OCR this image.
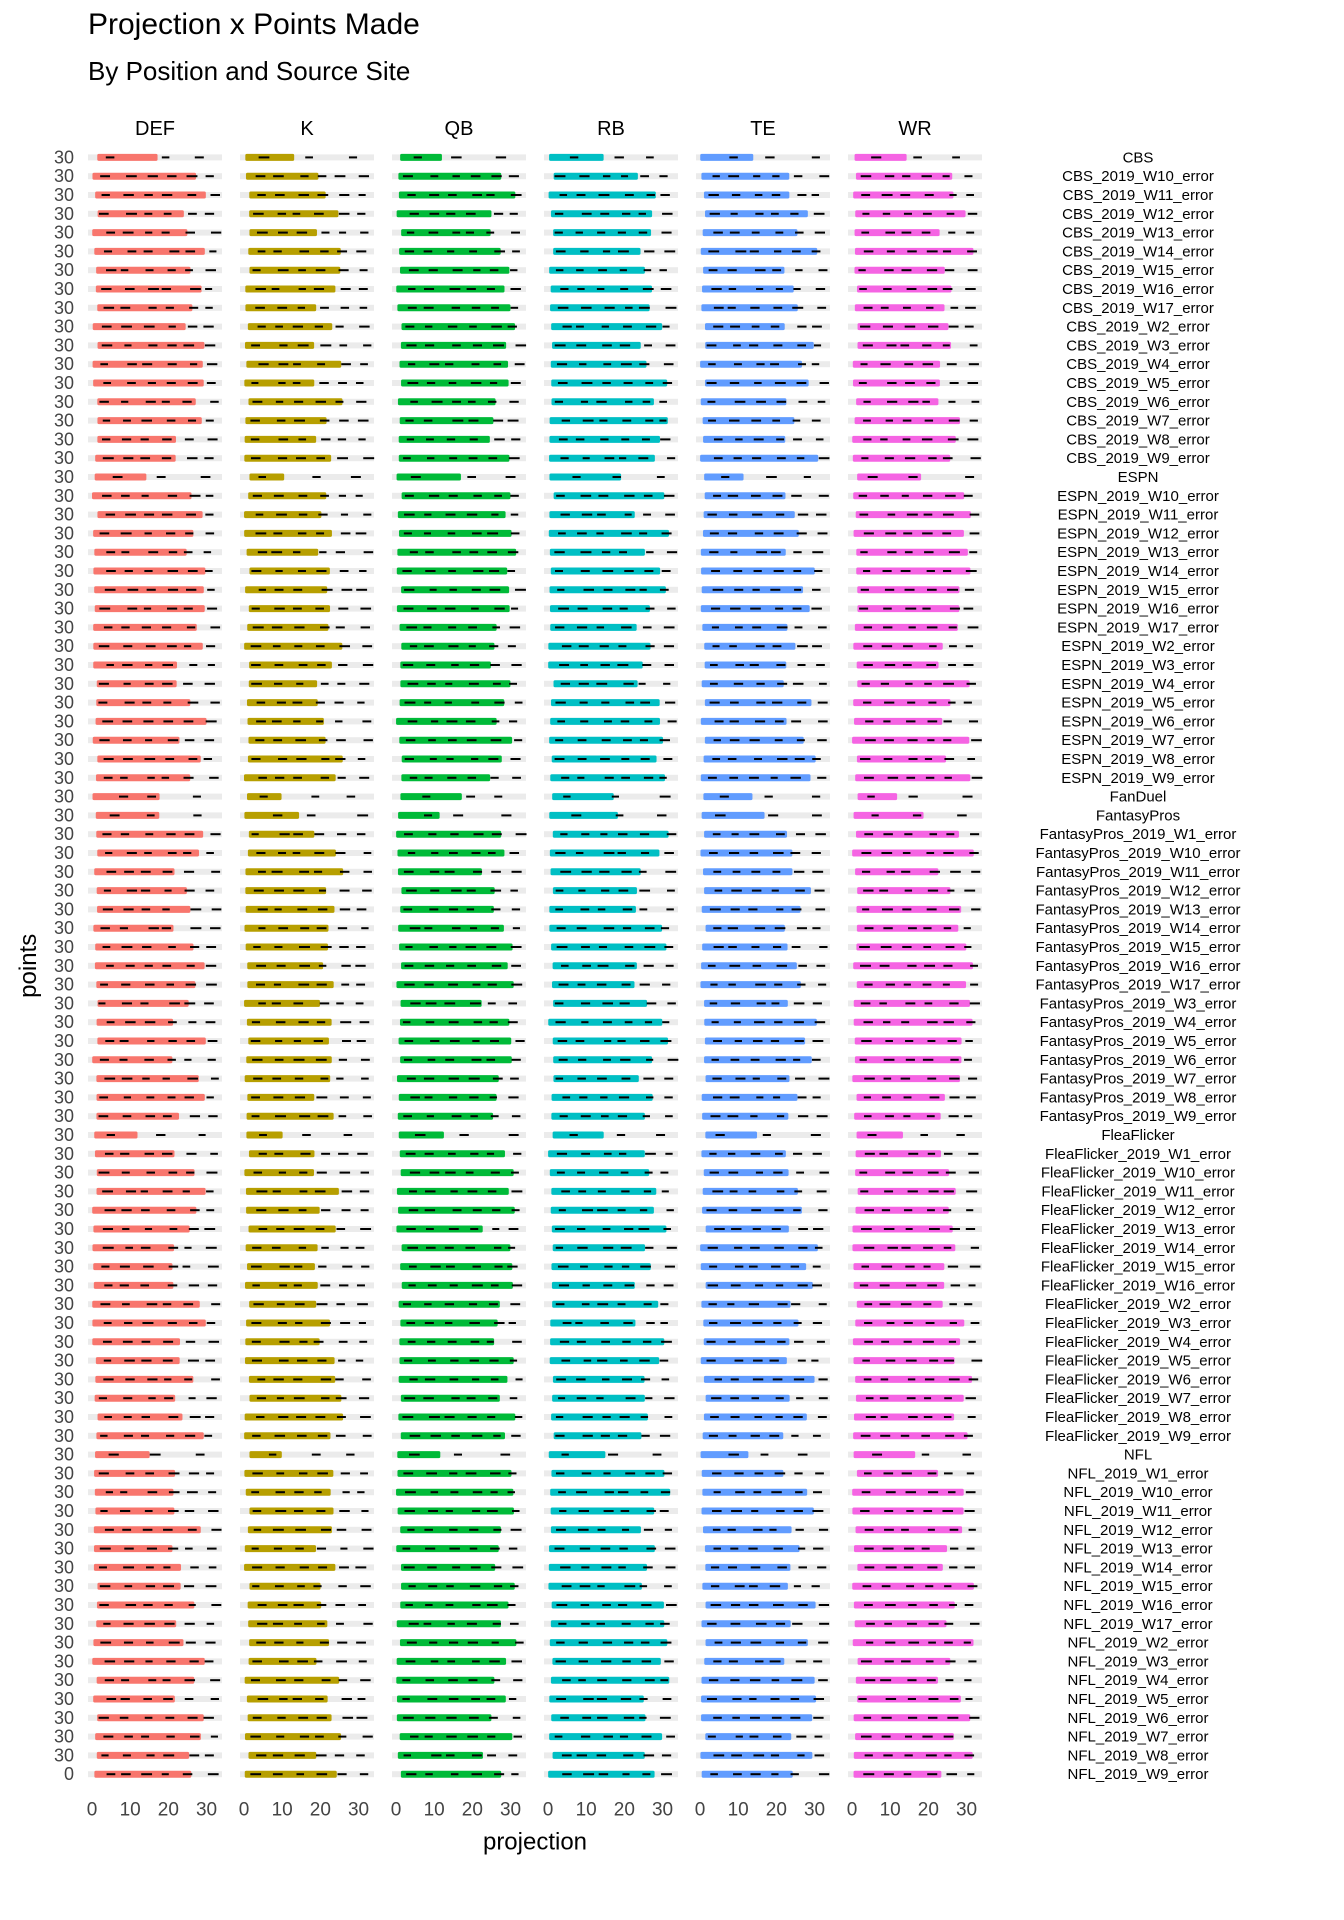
Projection x Points Made
By Position and Source Site
DEF	K	QB	RB	TE	WR
30	CBS
30	CBS_2019_W10_error
30	CBS_2019_W11_error
30	CBS_2019_W12_error
30	CBS_2019_W13_error
30	CBS_2019_W14_error
30	CBS_2019_W15_error
30	CBS_2019_W16_error
30	CBS_2019_W17_error
30	CBS_2019_W2_error
30	CBS_2019_W3_error
30	CBS_2019_W4_error
30	CBS_2019_W5_error
30	CBS_2019_W6_error
30	CBS_2019_W7_error
30	CBS_2019_W8_error
30	CBS_2019_W9_error
30	ESPN
30	ESPN_2019_W10_error
30	ESPN_2019_W11_error
30	ESPN_2019_W12_error
30	ESPN_2019_W13_error
30	ESPN_2019_W14_error
30	ESPN_2019_W15_error
30	ESPN_2019_W16_error
30	ESPN_2019_W17_error
30	ESPN_2019_W2_error
30	ESPN_2019_W3_error
30	ESPN_2019_W4_error
30	ESPN_2019_W5_error
30	ESPN_2019_W6_error
30	ESPN_2019_W7_error
30	ESPN_2019_W8_error
30	ESPN_2019_W9_error
30	FanDuel
30	FantasyPros
30	FantasyPros_2019_W1_error
30	FantasyPros_2019_W10_error
30	FantasyPros_2019_W11_error
30	FantasyPros_2019_W12_error
30	FantasyPros_2019_W13_error
30	FantasyPros_2019_W14_error
30	FantasyPros_2019_W15_error
30	FantasyPros_2019_W16_error
30	FantasyPros_2019_W17_error
30	FantasyPros_2019_W3_error
30	FantasyPros_2019_W4_error
30	FantasyPros_2019_W5_error
30	FantasyPros_2019_W6_error
30	FantasyPros_2019_W7_error
30	FantasyPros_2019_W8_error
30	FantasyPros_2019_W9_error
30	FleaFlicker
30	FleaFlicker_2019_W1_error
30	FleaFlicker_2019_W10_error
30	FleaFlicker_2019_W11_error
30	FleaFlicker_2019_W12_error
30	FleaFlicker_2019_W13_error
30	FleaFlicker_2019_W14_error
30	FleaFlicker_2019_W15_error
30	FleaFlicker_2019_W16_error
30	FleaFlicker_2019_W2_error
30	FleaFlicker_2019_W3_error
30	FleaFlicker_2019_W4_error
30	FleaFlicker_2019_W5_error
30	FleaFlicker_2019_W6_error
30	FleaFlicker_2019_W7_error
30	FleaFlicker_2019_W8_error
30	FleaFlicker_2019_W9_error
30	NFL
30	NFL_2019_W1_error
30	NFL_2019_W10_error
30	NFL_2019_W11_error
30	NFL_2019_W12_error
30	NFL_2019_W13_error
30	NFL_2019_W14_error
30	NFL_2019_W15_error
30	NFL_2019_W16_error
30	NFL_2019_W17_error
30	NFL_2019_W2_error
30	NFL_2019_W3_error
30	NFL_2019_W4_error
30	NFL_2019_W5_error
30	NFL_2019_W6_error
30	NFL_2019_W7_error
30	NFL_2019_W8_error
0	NFL_2019_W9_error
0 10 20 30 0 10 20 30 0 10 20 30 0 10 20 30 0 10 20 30 0 10 20 30
projection
points
